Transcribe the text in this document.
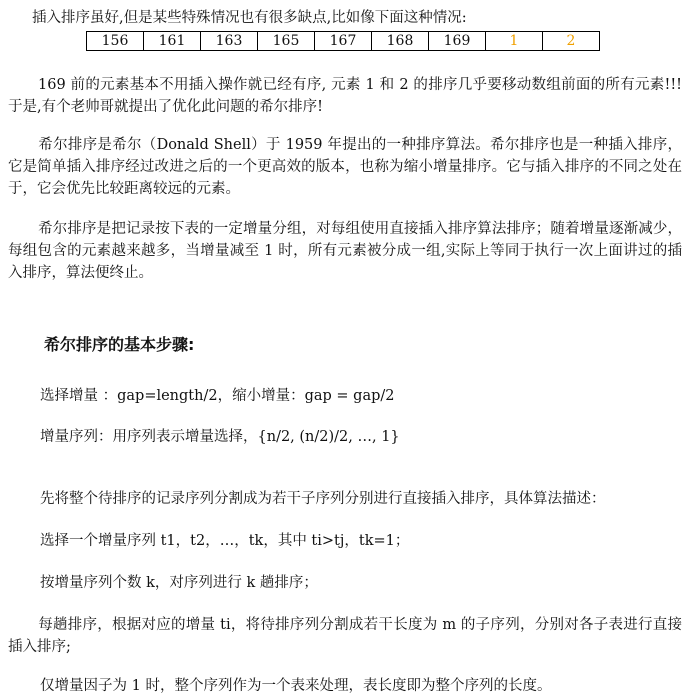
插入排序虽好,但是某些特殊情况也有很多缺点,比如像下面这种情况:
156	161	163	165	167	168	169	1	2
169 前的元素基本不用插入操作就已经有序, 元素 1 和 2 的排序几乎要移动数组前面的所有元素!!! 于是,有个老帅哥就提出了优化此问题的希尔排序!
希尔排序是希尔（Donald Shell）于 1959 年提出的一种排序算法。希尔排序也是一种插入排序，它是简单插入排序经过改进之后的一个更高效的版本，也称为缩小增量排序。它与插入排序的不同之处在于，它会优先比较距离较远的元素。
希尔排序是把记录按下表的一定增量分组，对每组使用直接插入排序算法排序；随着增量逐渐减少，每组包含的元素越来越多，当增量减至 1 时，所有元素被分成一组,实际上等同于执行一次上面讲过的插入排序，算法便终止。
希尔排序的基本步骤:
选择增量 ：gap=length/2，缩小增量：gap = gap/2
增量序列：用序列表示增量选择，{n/2, (n/2)/2, …, 1}
先将整个待排序的记录序列分割成为若干子序列分别进行直接插入排序，具体算法描述：
选择一个增量序列 t1，t2，…，tk，其中 ti>tj，tk=1；
按增量序列个数 k，对序列进行 k 趟排序；
每趟排序，根据对应的增量 ti，将待排序列分割成若干长度为 m 的子序列，分别对各子表进行直接插入排序;
仅增量因子为 1 时，整个序列作为一个表来处理，表长度即为整个序列的长度。
